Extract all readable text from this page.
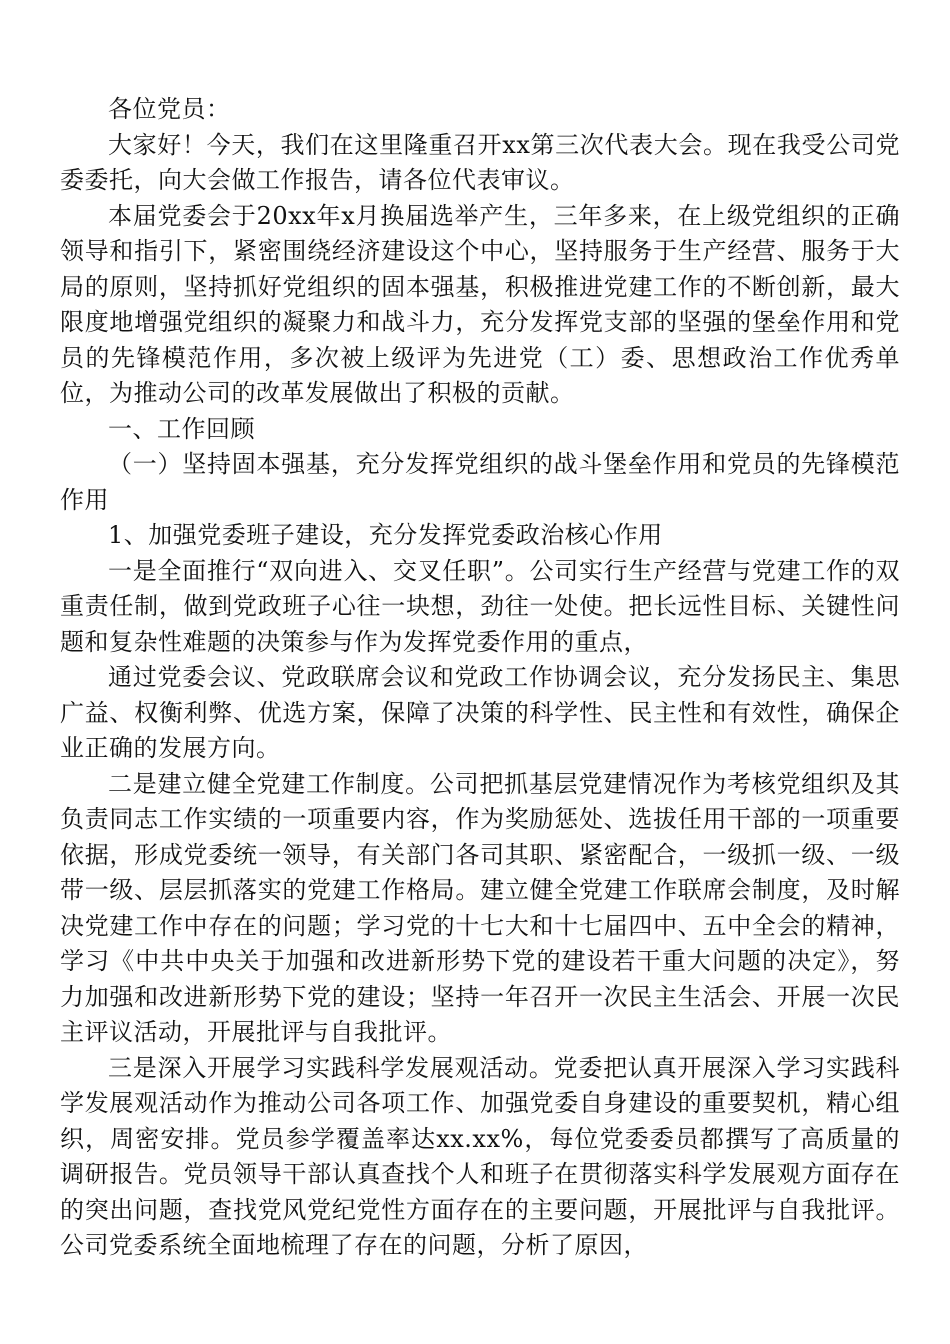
各位党员：

大家好！今天，我们在这里隆重召开xx第三次代表大会。现在我受公司党委委托，向大会做工作报告，请各位代表审议。

本届党委会于20xx年x月换届选举产生，三年多来，在上级党组织的正确领导和指引下，紧密围绕经济建设这个中心，坚持服务于生产经营、服务于大局的原则，坚持抓好党组织的固本强基，积极推进党建工作的不断创新，最大限度地增强党组织的凝聚力和战斗力，充分发挥党支部的坚强的堡垒作用和党员的先锋模范作用，多次被上级评为先进党（工）委、思想政治工作优秀单位，为推动公司的改革发展做出了积极的贡献。

一、工作回顾

（一）坚持固本强基，充分发挥党组织的战斗堡垒作用和党员的先锋模范作用

1、加强党委班子建设，充分发挥党委政治核心作用

一是全面推行“双向进入、交叉任职”。公司实行生产经营与党建工作的双重责任制，做到党政班子心往一块想，劲往一处使。把长远性目标、关键性问题和复杂性难题的决策参与作为发挥党委作用的重点，

通过党委会议、党政联席会议和党政工作协调会议，充分发扬民主、集思广益、权衡利弊、优选方案，保障了决策的科学性、民主性和有效性，确保企业正确的发展方向。

二是建立健全党建工作制度。公司把抓基层党建情况作为考核党组织及其负责同志工作实绩的一项重要内容，作为奖励惩处、选拔任用干部的一项重要依据，形成党委统一领导，有关部门各司其职、紧密配合，一级抓一级、一级带一级、层层抓落实的党建工作格局。建立健全党建工作联席会制度，及时解决党建工作中存在的问题；学习党的十七大和十七届四中、五中全会的精神，学习《中共中央关于加强和改进新形势下党的建设若干重大问题的决定》，努力加强和改进新形势下党的建设；坚持一年召开一次民主生活会、开展一次民主评议活动，开展批评与自我批评。

三是深入开展学习实践科学发展观活动。党委把认真开展深入学习实践科学发展观活动作为推动公司各项工作、加强党委自身建设的重要契机，精心组织，周密安排。党员参学覆盖率达xx.xx%，每位党委委员都撰写了高质量的调研报告。党员领导干部认真查找个人和班子在贯彻落实科学发展观方面存在的突出问题，查找党风党纪党性方面存在的主要问题，开展批评与自我批评。公司党委系统全面地梳理了存在的问题，分析了原因，
